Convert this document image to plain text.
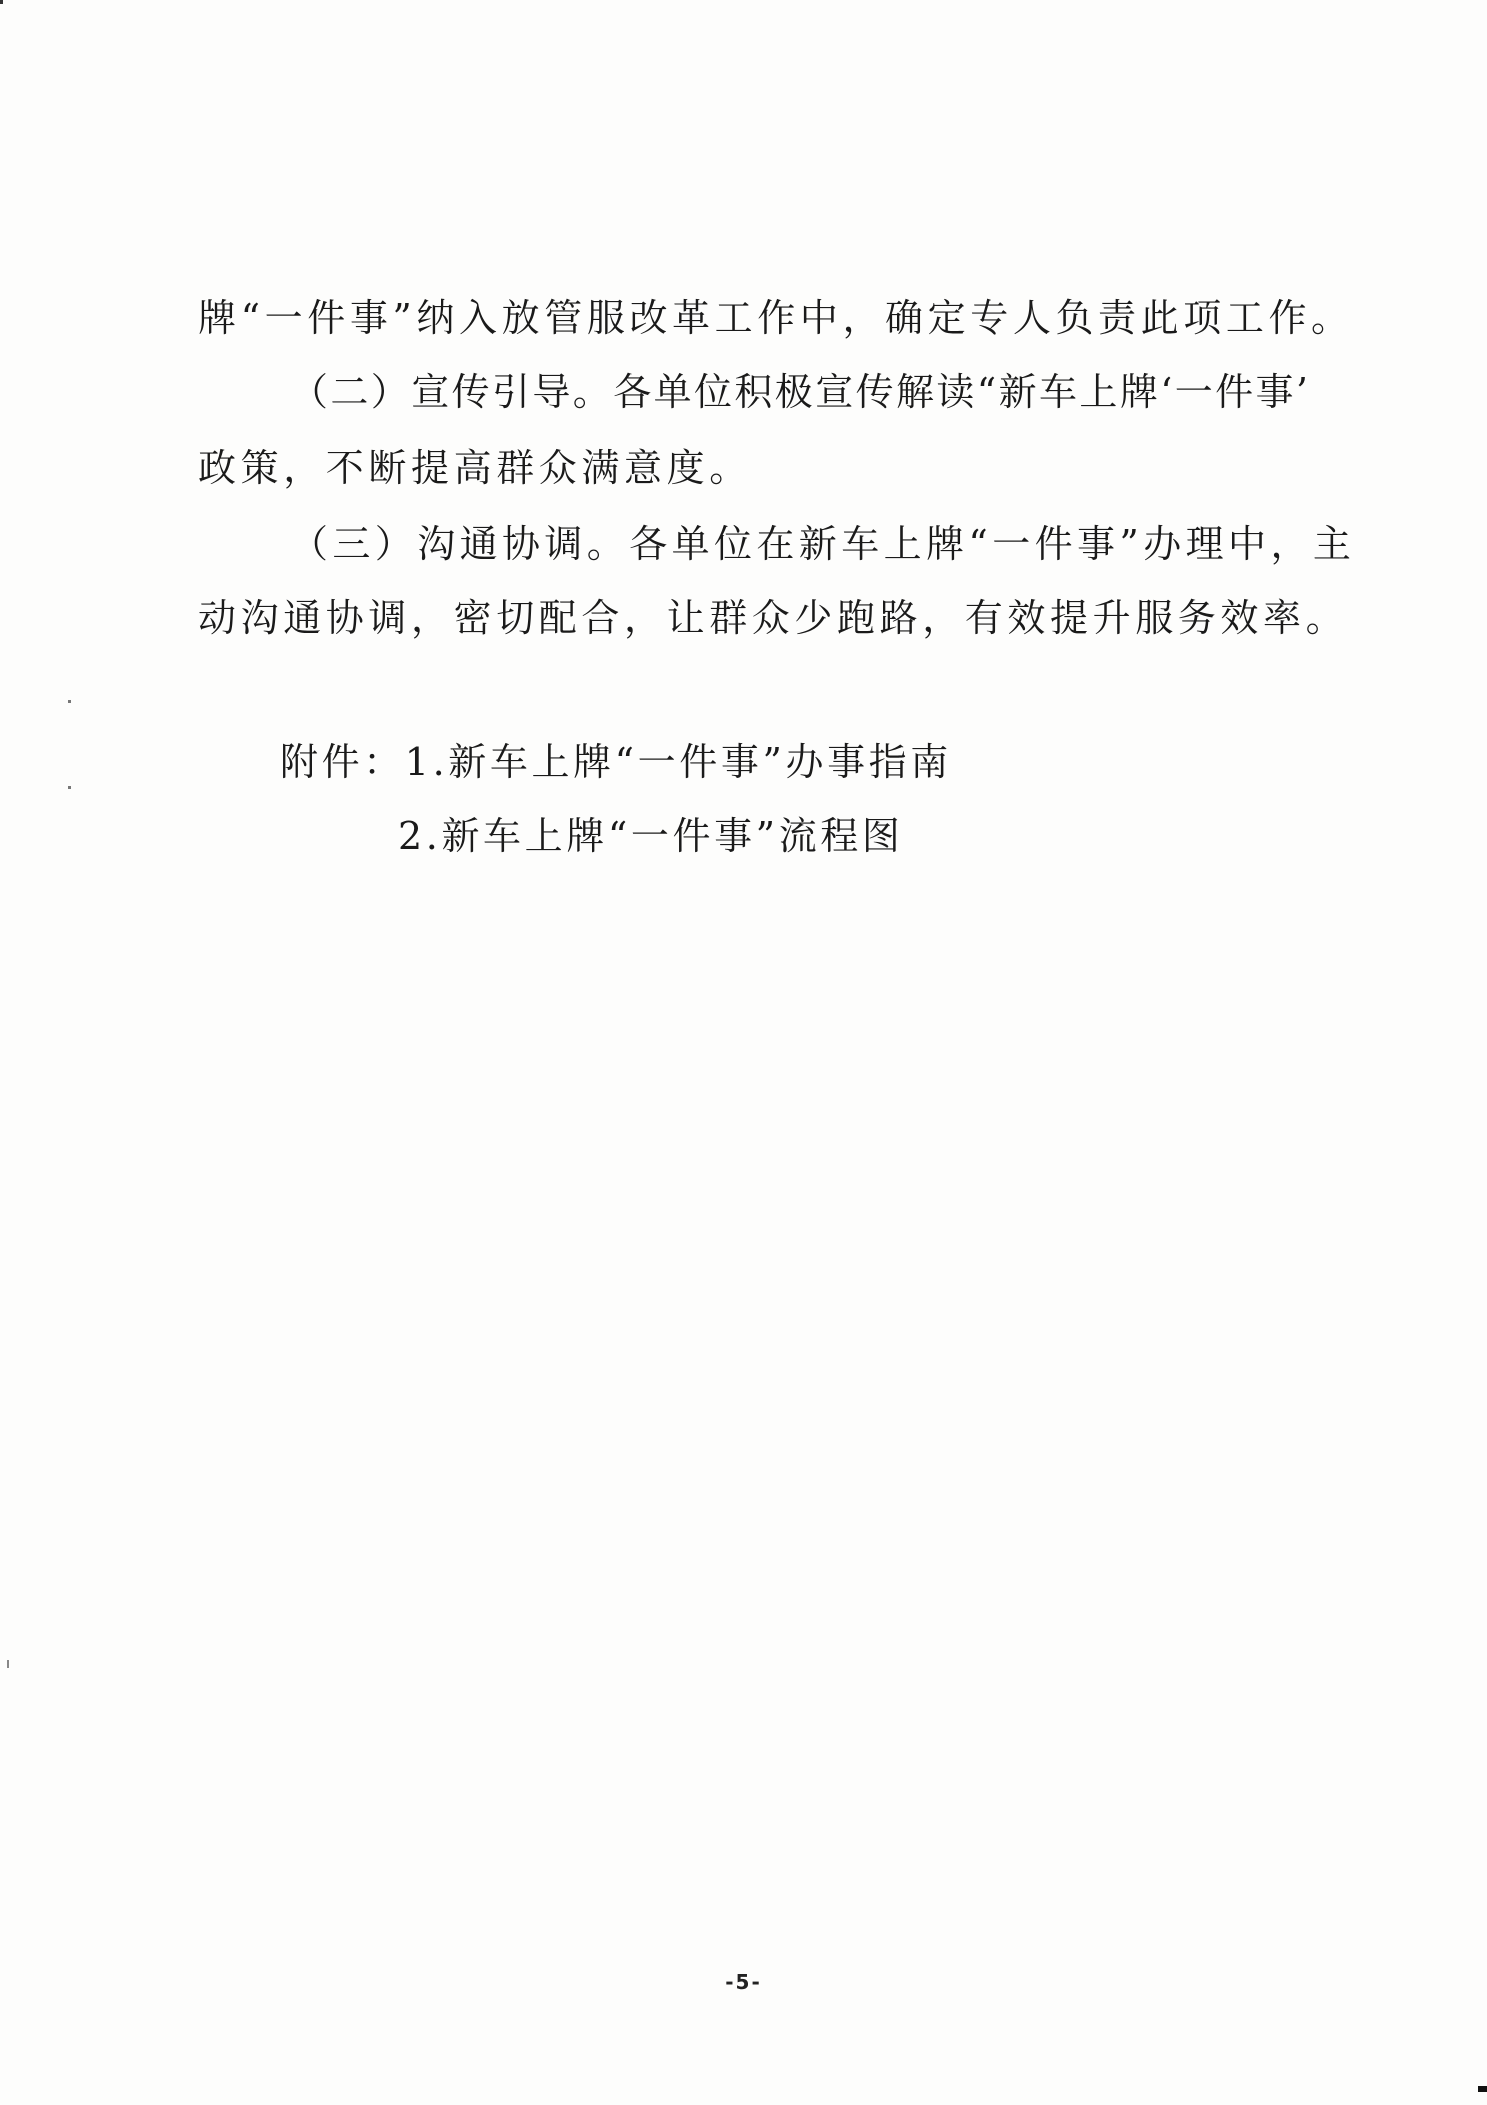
牌“一件事”纳入放管服改革工作中，确定专人负责此项工作。
（二）宣传引导。各单位积极宣传解读“新车上牌‘一件事’
政策，不断提高群众满意度。
（三）沟通协调。各单位在新车上牌“一件事”办理中，主
动沟通协调，密切配合，让群众少跑路，有效提升服务效率。
附件：1.新车上牌“一件事”办事指南
2.新车上牌“一件事”流程图
-5-
